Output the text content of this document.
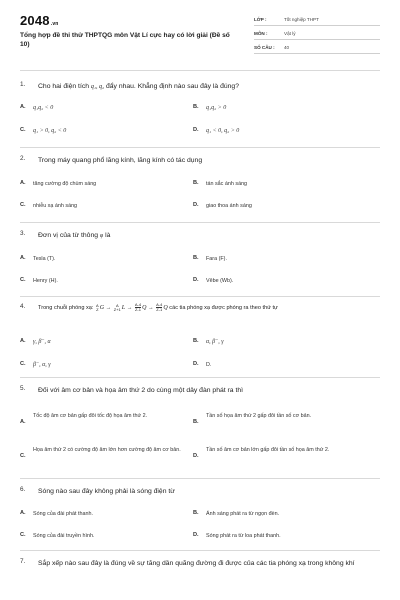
2048.vn
Tổng hợp đề thi thử THPTQG môn Vật Lí cực hay có lời giải (Đề số 10)
LỚP :	Tốt nghiệp THPT
MÔN :	Vật lý
SỐ CÂU : 40
1. Cho hai điện tích q₁, q₂ đẩy nhau. Khẳng định nào sau đây là đúng?
A. q₁q₂ < 0	B. q₁q₂ > 0
C. q₁ > 0, q₂ < 0	D. q₁ < 0, q₂ > 0
2. Trong máy quang phổ lăng kính, lăng kính có tác dụng
A. tăng cường độ chùm sáng	B. tán sắc ánh sáng
C. nhiễu xạ ánh sáng	D. giao thoa ánh sáng
3. Đơn vị của từ thông φ là
A. Tesla (T).	B. Fara (F).
C. Henry (H).	D. Vêbe (Wb).
4. Trong chuỗi phóng xạ: A
Z G →	A
Z+1 $L \to \frac{A-4}{Z-1}$ $Q \to \frac{A-4}{Z-1}$ Q các tia phóng xạ được phóng ra theo thứ tự
A. γ, β⁻, α	B. α, β⁻, γ
C. β⁻, α, γ	D. D.
5. Đối với âm cơ bản và họa âm thứ 2 do cùng một dây đàn phát ra thì
A.
Tốc độ âm cơ bản gấp đôi tốc độ họa âm thứ 2.
B.
Tần số họa âm thứ 2 gấp đôi tần số cơ bản.
C.
Họa âm thứ 2 có cường độ âm lớn hơn cường độ âm cơ bản.
D.
Tần số âm cơ bản lớn gấp đôi tần số họa âm thứ 2.
6. Sóng nào sau đây không phải là sóng điện từ
A. Sóng của đài phát thanh.	B. Ánh sáng phát ra từ ngọn đèn.
C. Sóng của đài truyền hình.	D. Sóng phát ra từ loa phát thanh.
7. Sắp xếp nào sau đây là đúng về sự tăng dần quãng đường đi được của các tia phóng xạ trong không khí
